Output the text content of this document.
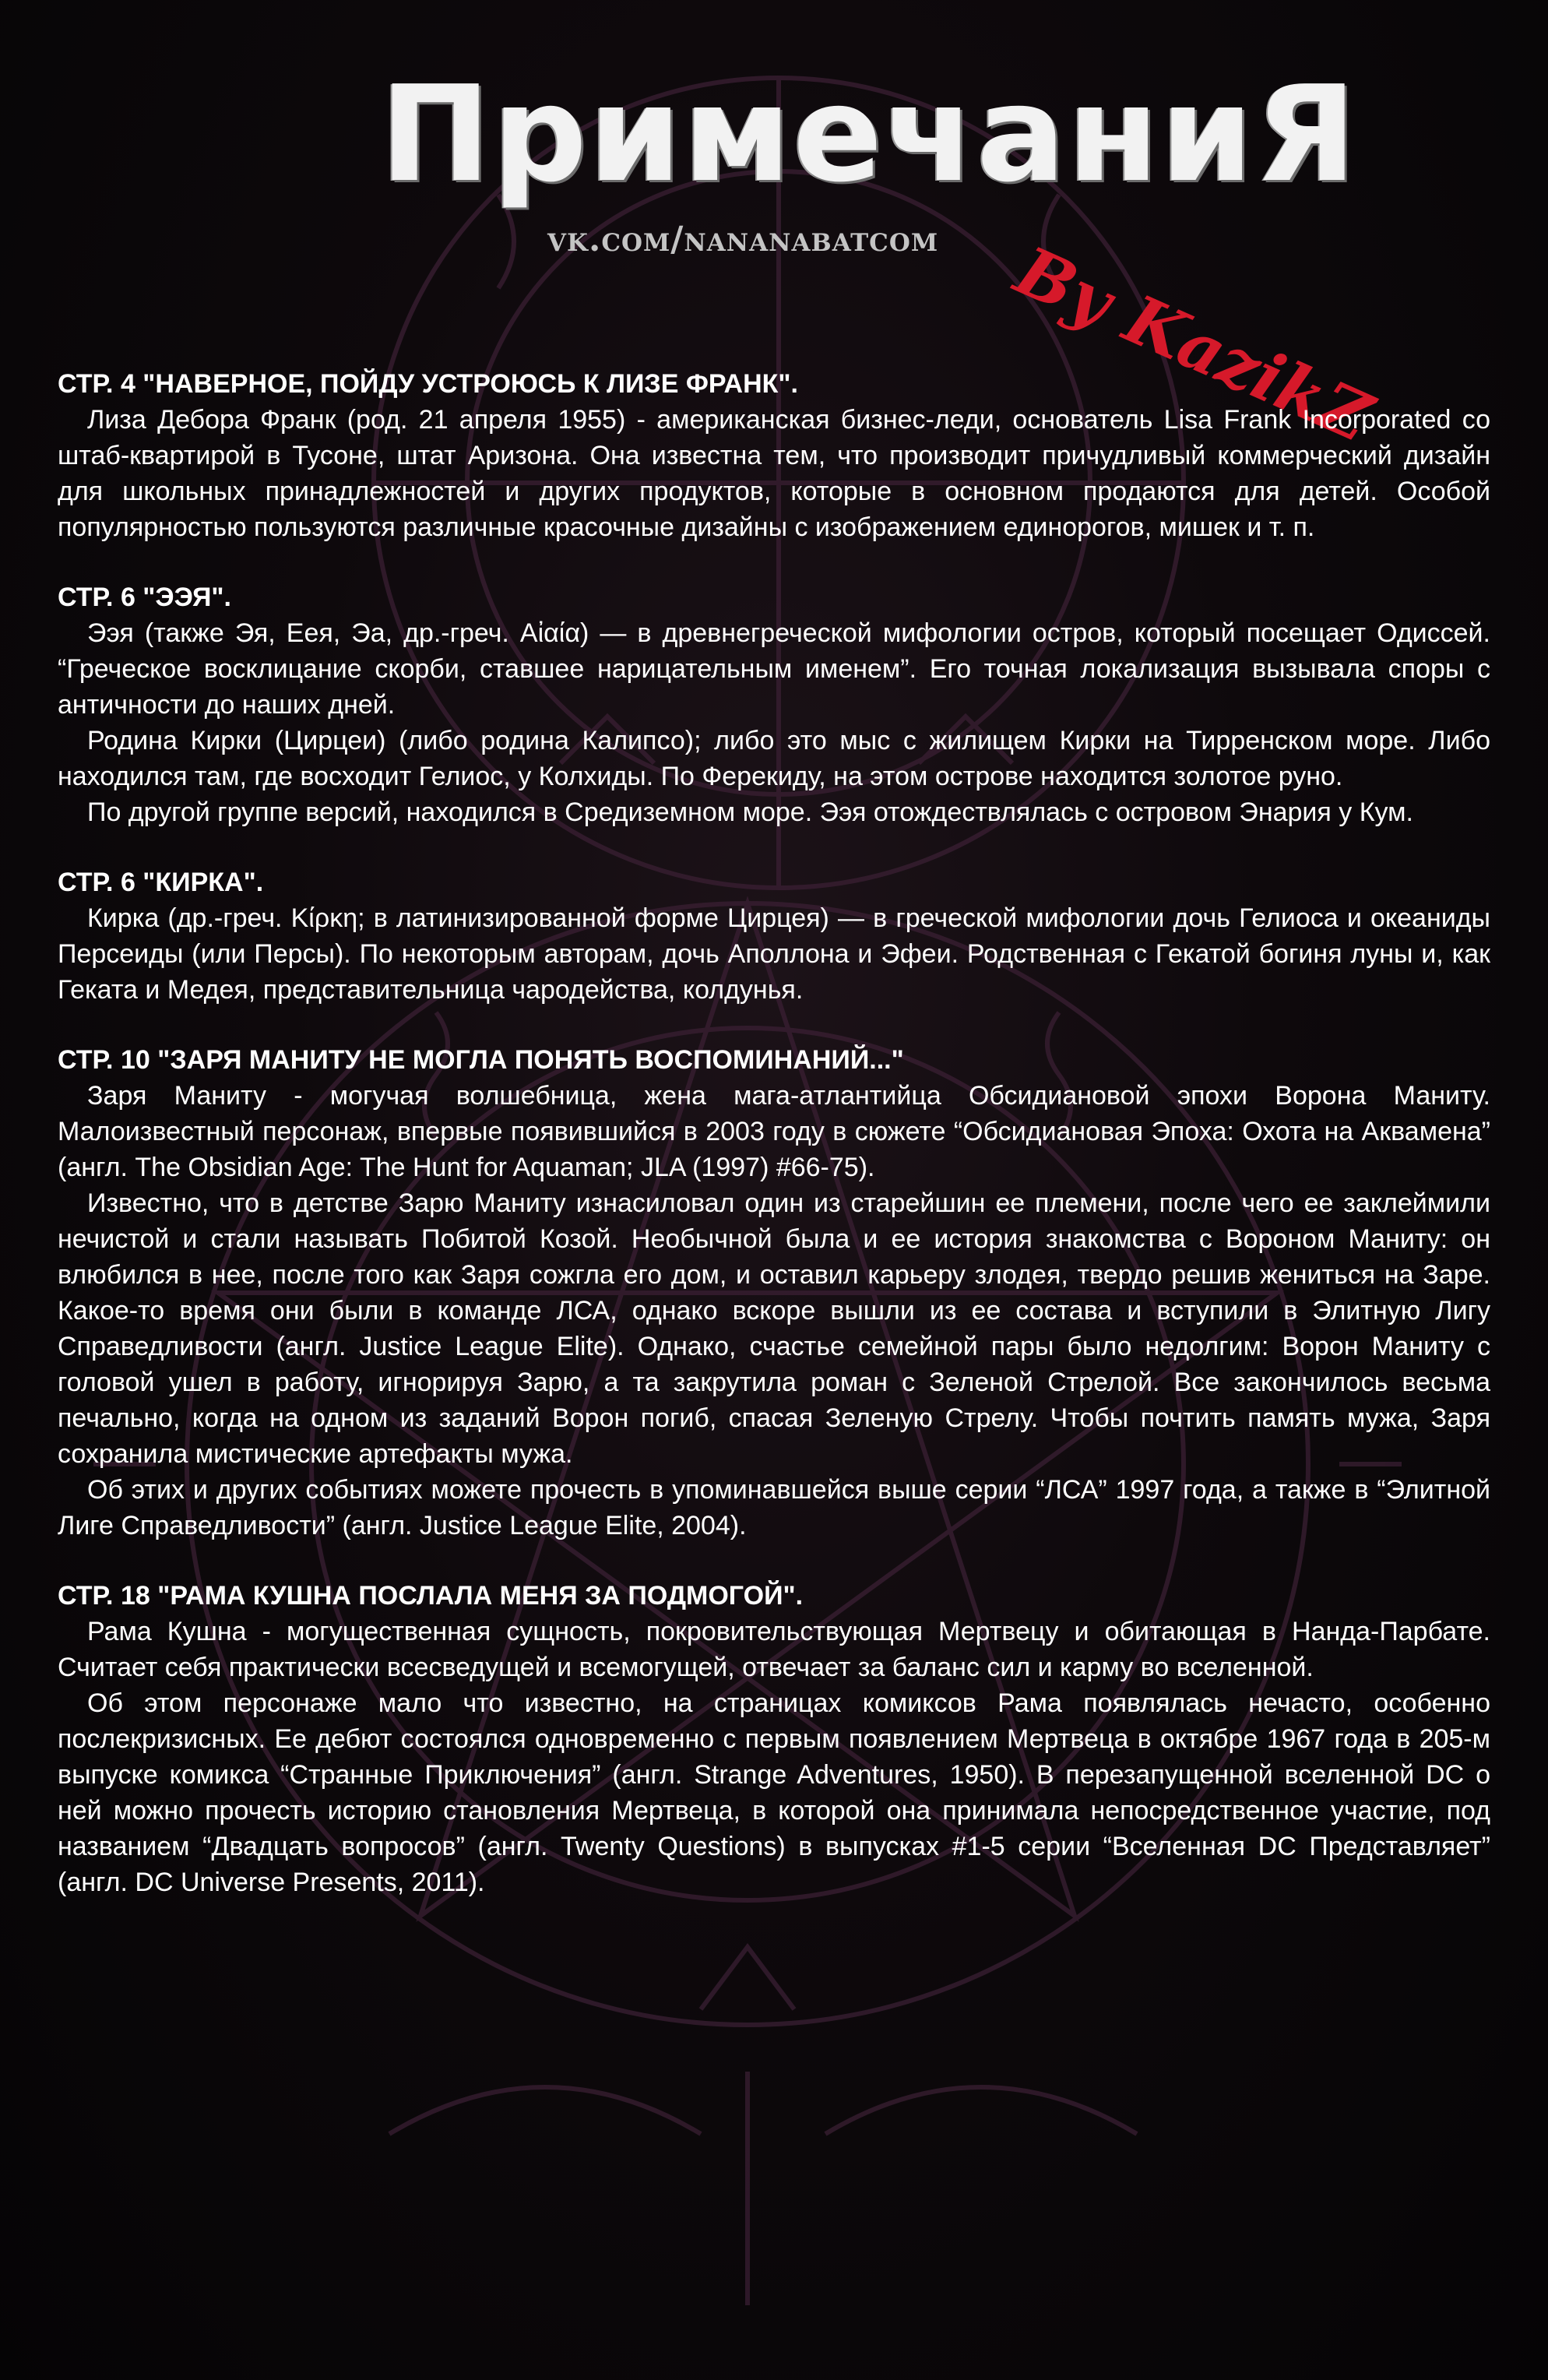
ПримечаниЯ
vk.com/nananabatcom By KazikZ

СТР. 4 "НАВЕРНОЕ, ПОЙДУ УСТРОЮСЬ К ЛИЗЕ ФРАНК".

Лиза Дебора Франк (род. 21 апреля 1955) - американская бизнес-леди, основатель Lisa Frank Incorporated со штаб-квартирой в Тусоне, штат Аризона. Она известна тем, что производит причудливый коммерческий дизайн для школьных принадлежностей и других продуктов, которые в основном продаются для детей. Особой популярностью пользуются различные красочные дизайны с изображением единорогов, мишек и т. п.

СТР. 6 "ЭЭЯ".

Ээя (также Эя, Еея, Эа, др.-греч. Αἰαία) — в древнегреческой мифологии остров, который посещает Одиссей. “Греческое восклицание скорби, ставшее нарицательным именем”. Его точная локализация вызывала споры с античности до наших дней.

Родина Кирки (Цирцеи) (либо родина Калипсо); либо это мыс с жилищем Кирки на Тирренском море. Либо находился там, где восходит Гелиос, у Колхиды. По Ферекиду, на этом острове находится золотое руно.

По другой группе версий, находился в Средиземном море. Ээя отождествлялась с островом Энария у Кум.

СТР. 6 "КИРКА".

Кирка (др.-греч. Κίρκη; в латинизированной форме Цирцея) — в греческой мифологии дочь Гелиоса и океаниды Персеиды (или Персы). По некоторым авторам, дочь Аполлона и Эфеи. Родственная с Гекатой богиня луны и, как Геката и Медея, представительница чародейства, колдунья.

СТР. 10 "ЗАРЯ МАНИТУ НЕ МОГЛА ПОНЯТЬ ВОСПОМИНАНИЙ..."

Заря Маниту - могучая волшебница, жена мага-атлантийца Обсидиановой эпохи Ворона Маниту. Малоизвестный персонаж, впервые появившийся в 2003 году в сюжете “Обсидиановая Эпоха: Охота на Аквамена” (англ. The Obsidian Age: The Hunt for Aquaman; JLA (1997) #66-75).

Известно, что в детстве Зарю Маниту изнасиловал один из старейшин ее племени, после чего ее заклеймили нечистой и стали называть Побитой Козой. Необычной была и ее история знакомства с Вороном Маниту: он влюбился в нее, после того как Заря сожгла его дом, и оставил карьеру злодея, твердо решив жениться на Заре. Какое-то время они были в команде ЛСА, однако вскоре вышли из ее состава и вступили в Элитную Лигу Справедливости (англ. Justice League Elite). Однако, счастье семейной пары было недолгим: Ворон Маниту с головой ушел в работу, игнорируя Зарю, а та закрутила роман с Зеленой Стрелой. Все закончилось весьма печально, когда на одном из заданий Ворон погиб, спасая Зеленую Стрелу. Чтобы почтить память мужа, Заря сохранила мистические артефакты мужа.

Об этих и других событиях можете прочесть в упоминавшейся выше серии “ЛСА” 1997 года, а также в “Элитной Лиге Справедливости” (англ. Justice League Elite, 2004).

СТР. 18 "РАМА КУШНА ПОСЛАЛА МЕНЯ ЗА ПОДМОГОЙ".

Рама Кушна - могущественная сущность, покровительствующая Мертвецу и обитающая в Нанда-Парбате. Считает себя практически всесведущей и всемогущей, отвечает за баланс сил и карму во вселенной.

Об этом персонаже мало что известно, на страницах комиксов Рама появлялась нечасто, особенно послекризисных. Ее дебют состоялся одновременно с первым появлением Мертвеца в октябре 1967 года в 205-м выпуске комикса “Странные Приключения” (англ. Strange Adventures, 1950). В перезапущенной вселенной DC о ней можно прочесть историю становления Мертвеца, в которой она принимала непосредственное участие, под названием “Двадцать вопросов” (англ. Twenty Questions) в выпусках #1-5 серии “Вселенная DC Представляет” (англ. DC Universe Presents, 2011).
